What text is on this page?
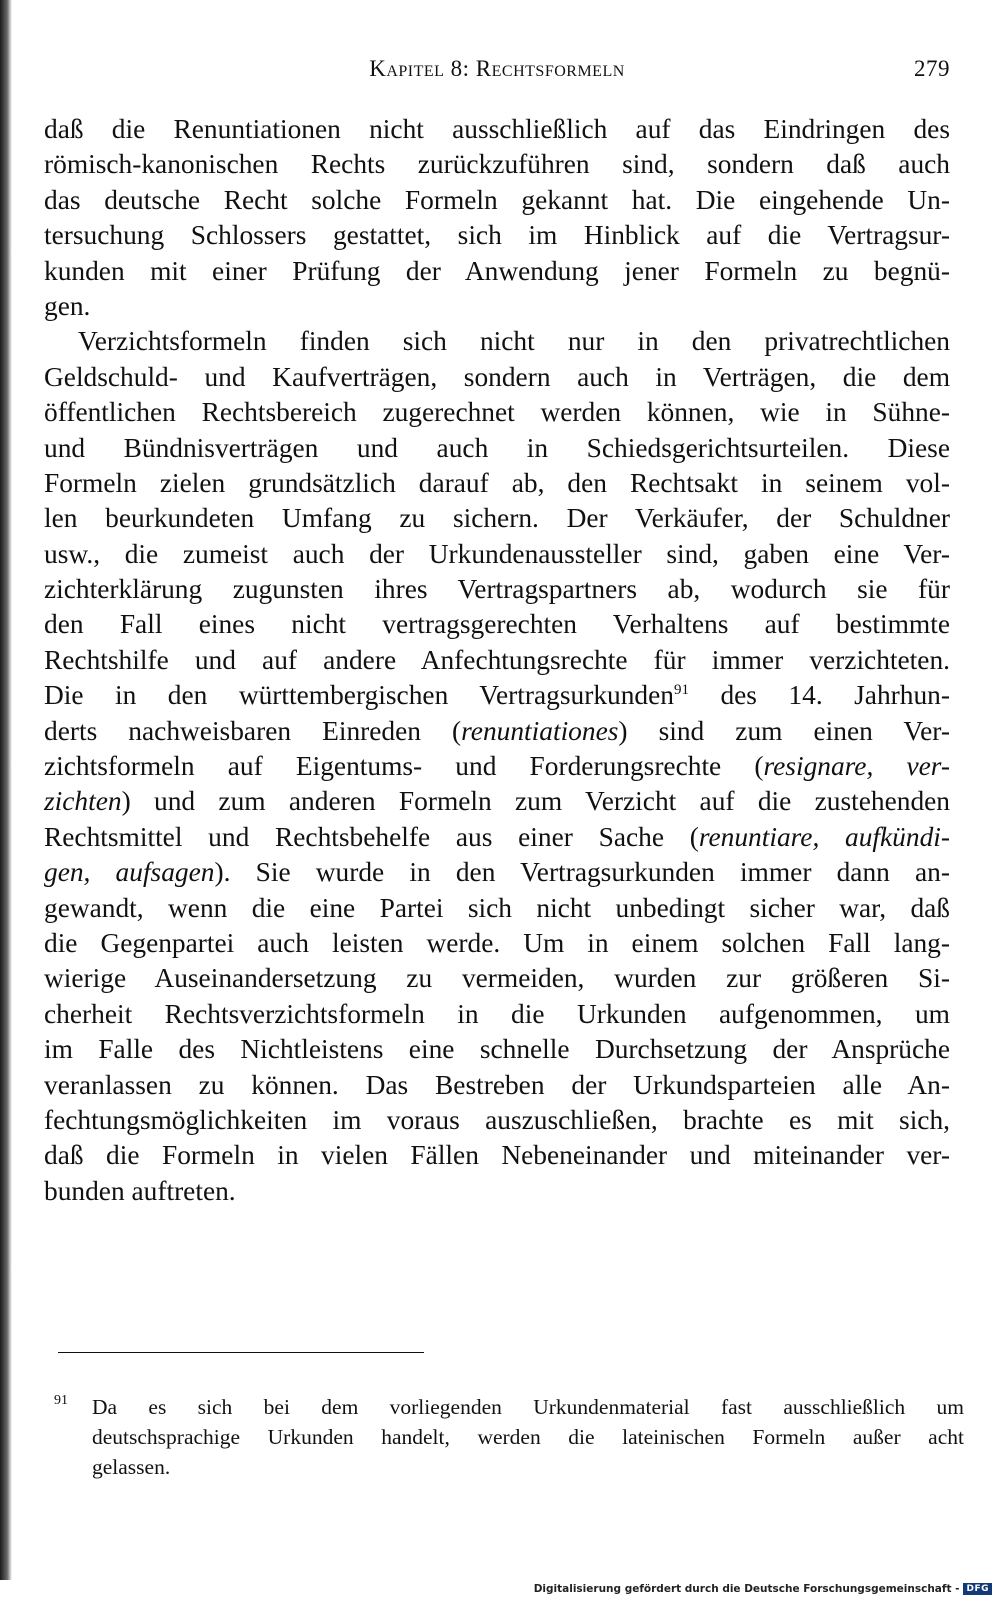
Kapitel 8: Rechtsformeln	279
daß die Renuntiationen nicht ausschließlich auf das Eindringen des
römisch-kanonischen Rechts zurückzuführen sind, sondern daß auch
das deutsche Recht solche Formeln gekannt hat. Die eingehende Un-
tersuchung Schlossers gestattet, sich im Hinblick auf die Vertragsur-
kunden mit einer Prüfung der Anwendung jener Formeln zu begnü-
gen.
Verzichtsformeln finden sich nicht nur in den privatrechtlichen
Geldschuld- und Kaufverträgen, sondern auch in Verträgen, die dem
öffentlichen Rechtsbereich zugerechnet werden können, wie in Sühne-
und Bündnisverträgen und auch in Schiedsgerichtsurteilen. Diese
Formeln zielen grundsätzlich darauf ab, den Rechtsakt in seinem vol-
len beurkundeten Umfang zu sichern. Der Verkäufer, der Schuldner
usw., die zumeist auch der Urkundenaussteller sind, gaben eine Ver-
zichterklärung zugunsten ihres Vertragspartners ab, wodurch sie für
den Fall eines nicht vertragsgerechten Verhaltens auf bestimmte
Rechtshilfe und auf andere Anfechtungsrechte für immer verzichteten.
Die in den württembergischen Vertragsurkunden$^{91}$ des 14. Jahrhun-
derts nachweisbaren Einreden (renuntiationes) sind zum einen Ver-
zichtsformeln auf Eigentums- und Forderungsrechte (resignare, ver-
zichten) und zum anderen Formeln zum Verzicht auf die zustehenden
Rechtsmittel und Rechtsbehelfe aus einer Sache (renuntiare, aufkündi-
gen, aufsagen). Sie wurde in den Vertragsurkunden immer dann an-
gewandt, wenn die eine Partei sich nicht unbedingt sicher war, daß
die Gegenpartei auch leisten werde. Um in einem solchen Fall lang-
wierige Auseinandersetzung zu vermeiden, wurden zur größeren Si-
cherheit Rechtsverzichtsformeln in die Urkunden aufgenommen, um
im Falle des Nichtleistens eine schnelle Durchsetzung der Ansprüche
veranlassen zu können. Das Bestreben der Urkundsparteien alle An-
fechtungsmöglichkeiten im voraus auszuschließen, brachte es mit sich,
daß die Formeln in vielen Fällen Nebeneinander und miteinander ver-
bunden auftreten.
91 Da es sich bei dem vorliegenden Urkundenmaterial fast ausschließlich um
deutschsprachige Urkunden handelt, werden die lateinischen Formeln außer acht
gelassen.
Digitalisierung gefördert durch die Deutsche Forschungsgemeinschaft - DFG
